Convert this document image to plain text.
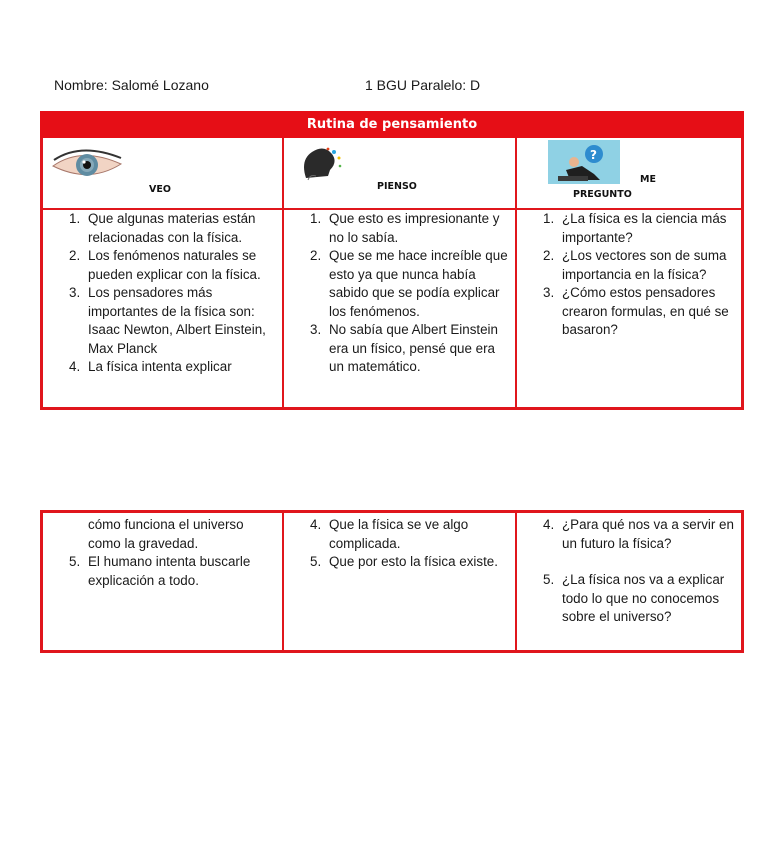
Nombre: Salomé Lozano	1 BGU Paralelo: D
Rutina de pensamiento
VEO	PIENSO
?
ME
PREGUNTO
1. Que algunas materias están relacionadas con la física.
2. Los fenómenos naturales se pueden explicar con la física.
3. Los pensadores más importantes de la física son: Isaac Newton, Albert Einstein, Max Planck
4. La física intenta explicar
1. Que esto es impresionante y no lo sabía.
2. Que se me hace increíble que esto ya que nunca había sabido que se podía explicar los fenómenos.
3. No sabía que Albert Einstein era un físico, pensé que era un matemático.
1. ¿La física es la ciencia más importante?
2. ¿Los vectores son de suma importancia en la física?
3. ¿Cómo estos pensadores crearon formulas, en qué se basaron?
cómo funciona el universo como la gravedad.
5. El humano intenta buscarle explicación a todo.
4. Que la física se ve algo complicada.
5. Que por esto la física existe.
4. ¿Para qué nos va a servir en un futuro la física?
5. ¿La física nos va a explicar todo lo que no conocemos sobre el universo?
